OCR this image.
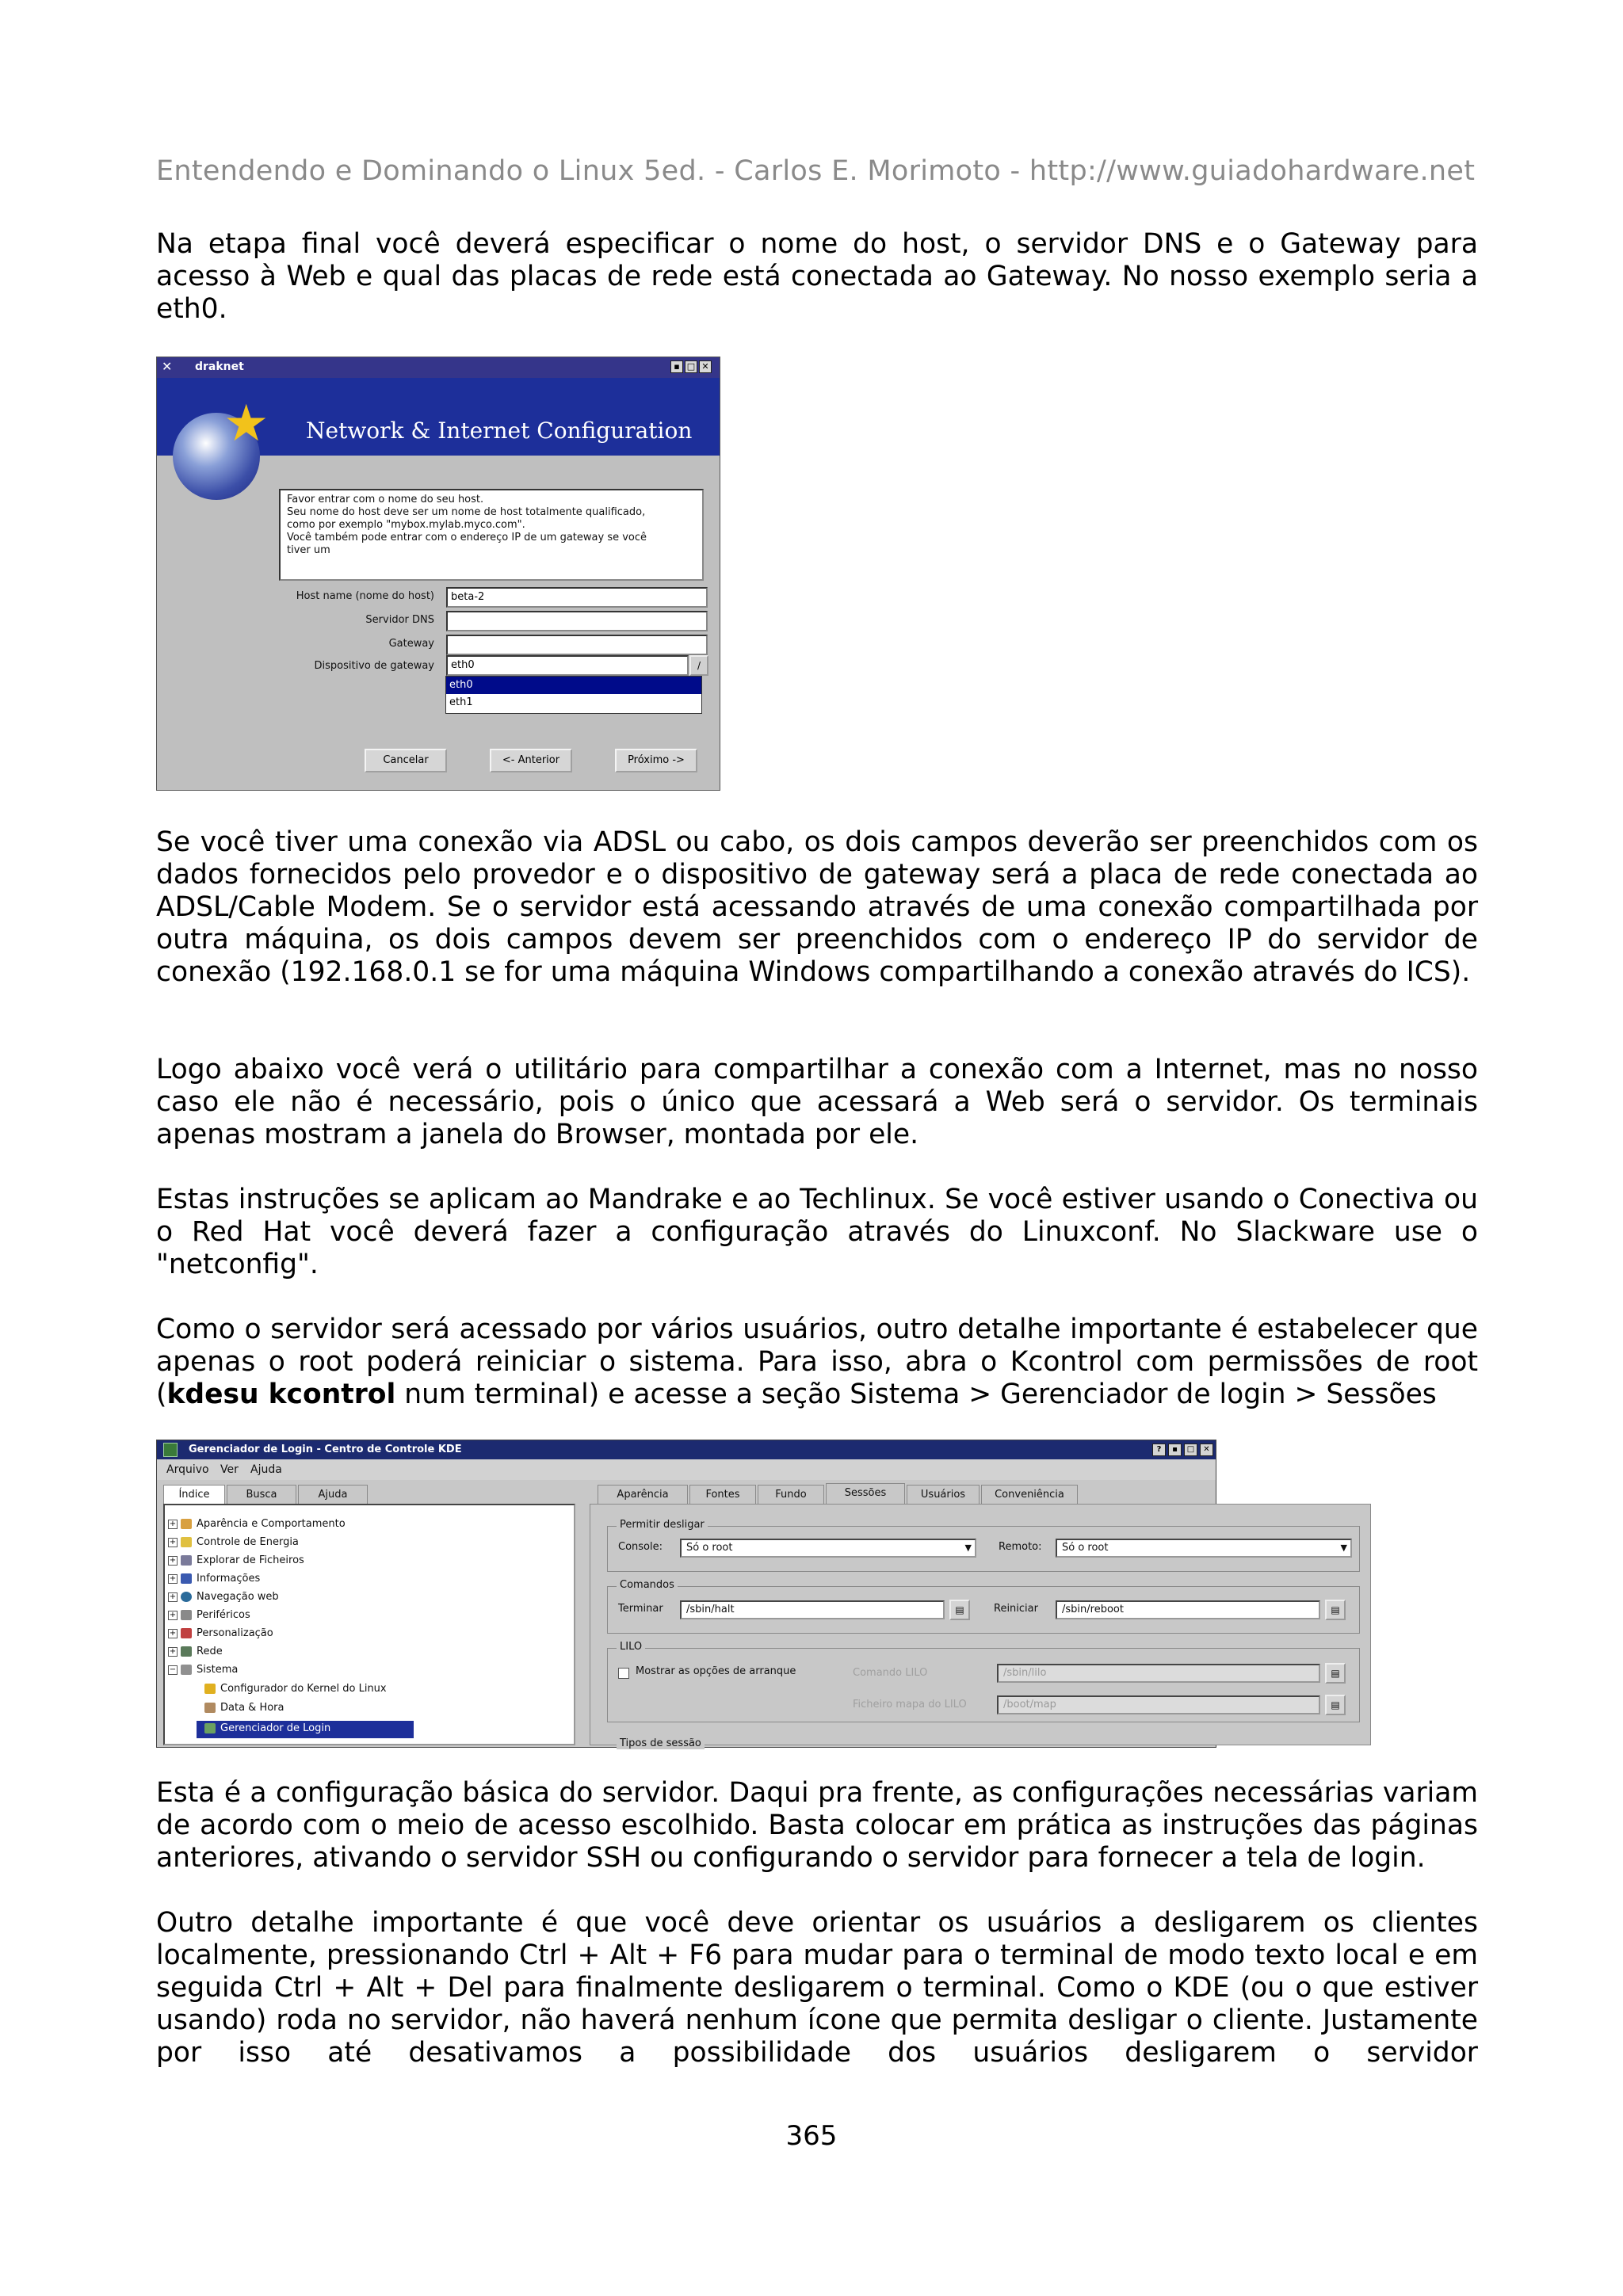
Entendendo e Dominando o Linux 5ed. - Carlos E. Morimoto - http://www.guiadohardware.net

Na etapa final você deverá especificar o nome do host, o servidor DNS e o Gateway para acesso à Web e qual das placas de rede está conectada ao Gateway. No nosso exemplo seria a eth0.

✕ draknet	▪ □ ✕
★ Network & Internet Configuration
Favor entrar com o nome do seu host.
Seu nome do host deve ser um nome de host totalmente qualificado,
como por exemplo "mybox.mylab.myco.com".
Você também pode entrar com o endereço IP de um gateway se você
tiver um
Host name (nome do host)	beta-2
Servidor DNS
Gateway
Dispositivo de gateway	eth0	/
eth0
eth1
Cancelar	<- Anterior	Próximo ->

Se você tiver uma conexão via ADSL ou cabo, os dois campos deverão ser preenchidos com os dados fornecidos pelo provedor e o dispositivo de gateway será a placa de rede conectada ao ADSL/Cable Modem. Se o servidor está acessando através de uma conexão compartilhada por outra máquina, os dois campos devem ser preenchidos com o endereço IP do servidor de conexão (192.168.0.1 se for uma máquina Windows compartilhando a conexão através do ICS).

Logo abaixo você verá o utilitário para compartilhar a conexão com a Internet, mas no nosso caso ele não é necessário, pois o único que acessará a Web será o servidor. Os terminais apenas mostram a janela do Browser, montada por ele.

Estas instruções se aplicam ao Mandrake e ao Techlinux. Se você estiver usando o Conectiva ou o Red Hat você deverá fazer a configuração através do Linuxconf. No Slackware use o "netconfig".

Como o servidor será acessado por vários usuários, outro detalhe importante é estabelecer que apenas o root poderá reiniciar o sistema. Para isso, abra o Kcontrol com permissões de root (kdesu kcontrol num terminal) e acesse a seção Sistema > Gerenciador de login > Sessões

Gerenciador de Login - Centro de Controle KDE	?	▪	□	✕
Arquivo Ver Ajuda
Índice	Busca	Ajuda
+ Aparência e Comportamento
+ Controle de Energia
+ Explorar de Ficheiros
+ Informações
+ Navegação web
+ Periféricos
+ Personalização
+ Rede
− Sistema
Configurador do Kernel do Linux
Data & Hora
Gerenciador de Login
Aparência	Fontes	Fundo	Sessões	Usuários	Conveniência
Permitir desligar
Console:	Só o root	▼	Remoto:	Só o root	▼
Comandos
Terminar	/sbin/halt	▤	Reiniciar	/sbin/reboot	▤
LILO
Mostrar as opções de arranque	Comando LILO	/sbin/lilo	▤
Ficheiro mapa do LILO	/boot/map	▤
Tipos de sessão

Esta é a configuração básica do servidor. Daqui pra frente, as configurações necessárias variam de acordo com o meio de acesso escolhido. Basta colocar em prática as instruções das páginas anteriores, ativando o servidor SSH ou configurando o servidor para fornecer a tela de login.

Outro detalhe importante é que você deve orientar os usuários a desligarem os clientes localmente, pressionando Ctrl + Alt + F6 para mudar para o terminal de modo texto local e em seguida Ctrl + Alt + Del para finalmente desligarem o terminal. Como o KDE (ou o que estiver usando) roda no servidor, não haverá nenhum ícone que permita desligar o cliente. Justamente por isso até desativamos a possibilidade dos usuários desligarem o servidor

365
